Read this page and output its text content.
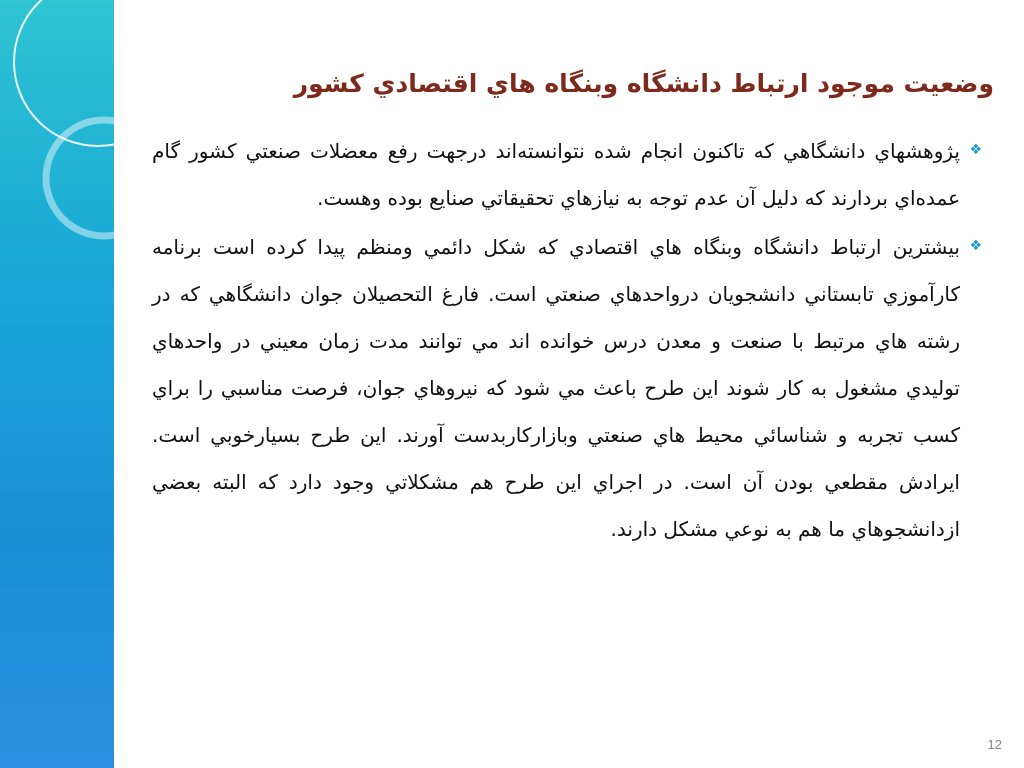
وضعيت موجود ارتباط دانشگاه وبنگاه هاي اقتصادي كشور

❖
پژوهشهاي دانشگاهي كه تاكنون انجام شده نتوانسته‌اند درجهت رفع معضلات صنعتي كشور گام عمده‌اي بردارند كه دليل آن عدم توجه به نيازهاي تحقيقاتي صنايع بوده وهست.

❖
بيشترين ارتباط دانشگاه وبنگاه هاي اقتصادي كه شكل دائمي ومنظم پيدا كرده است برنامه كارآموزي تابستاني دانشجويان درواحدهاي صنعتي است. فارغ التحصيلان جوان دانشگاهي كه در رشته هاي مرتبط با صنعت و معدن درس خوانده اند مي توانند مدت زمان معيني در واحدهاي توليدي مشغول به كار شوند اين طرح باعث مي شود كه نيروهاي جوان، فرصت مناسبي را براي كسب تجربه و شناسائي محيط هاي صنعتي وبازاركاربدست آورند. اين طرح بسيارخوبي است. ايرادش مقطعي بودن آن است. در اجراي اين طرح هم مشكلاتي وجود دارد كه البته بعضي ازدانشجوهاي ما هم به نوعي مشكل دارند.

12
